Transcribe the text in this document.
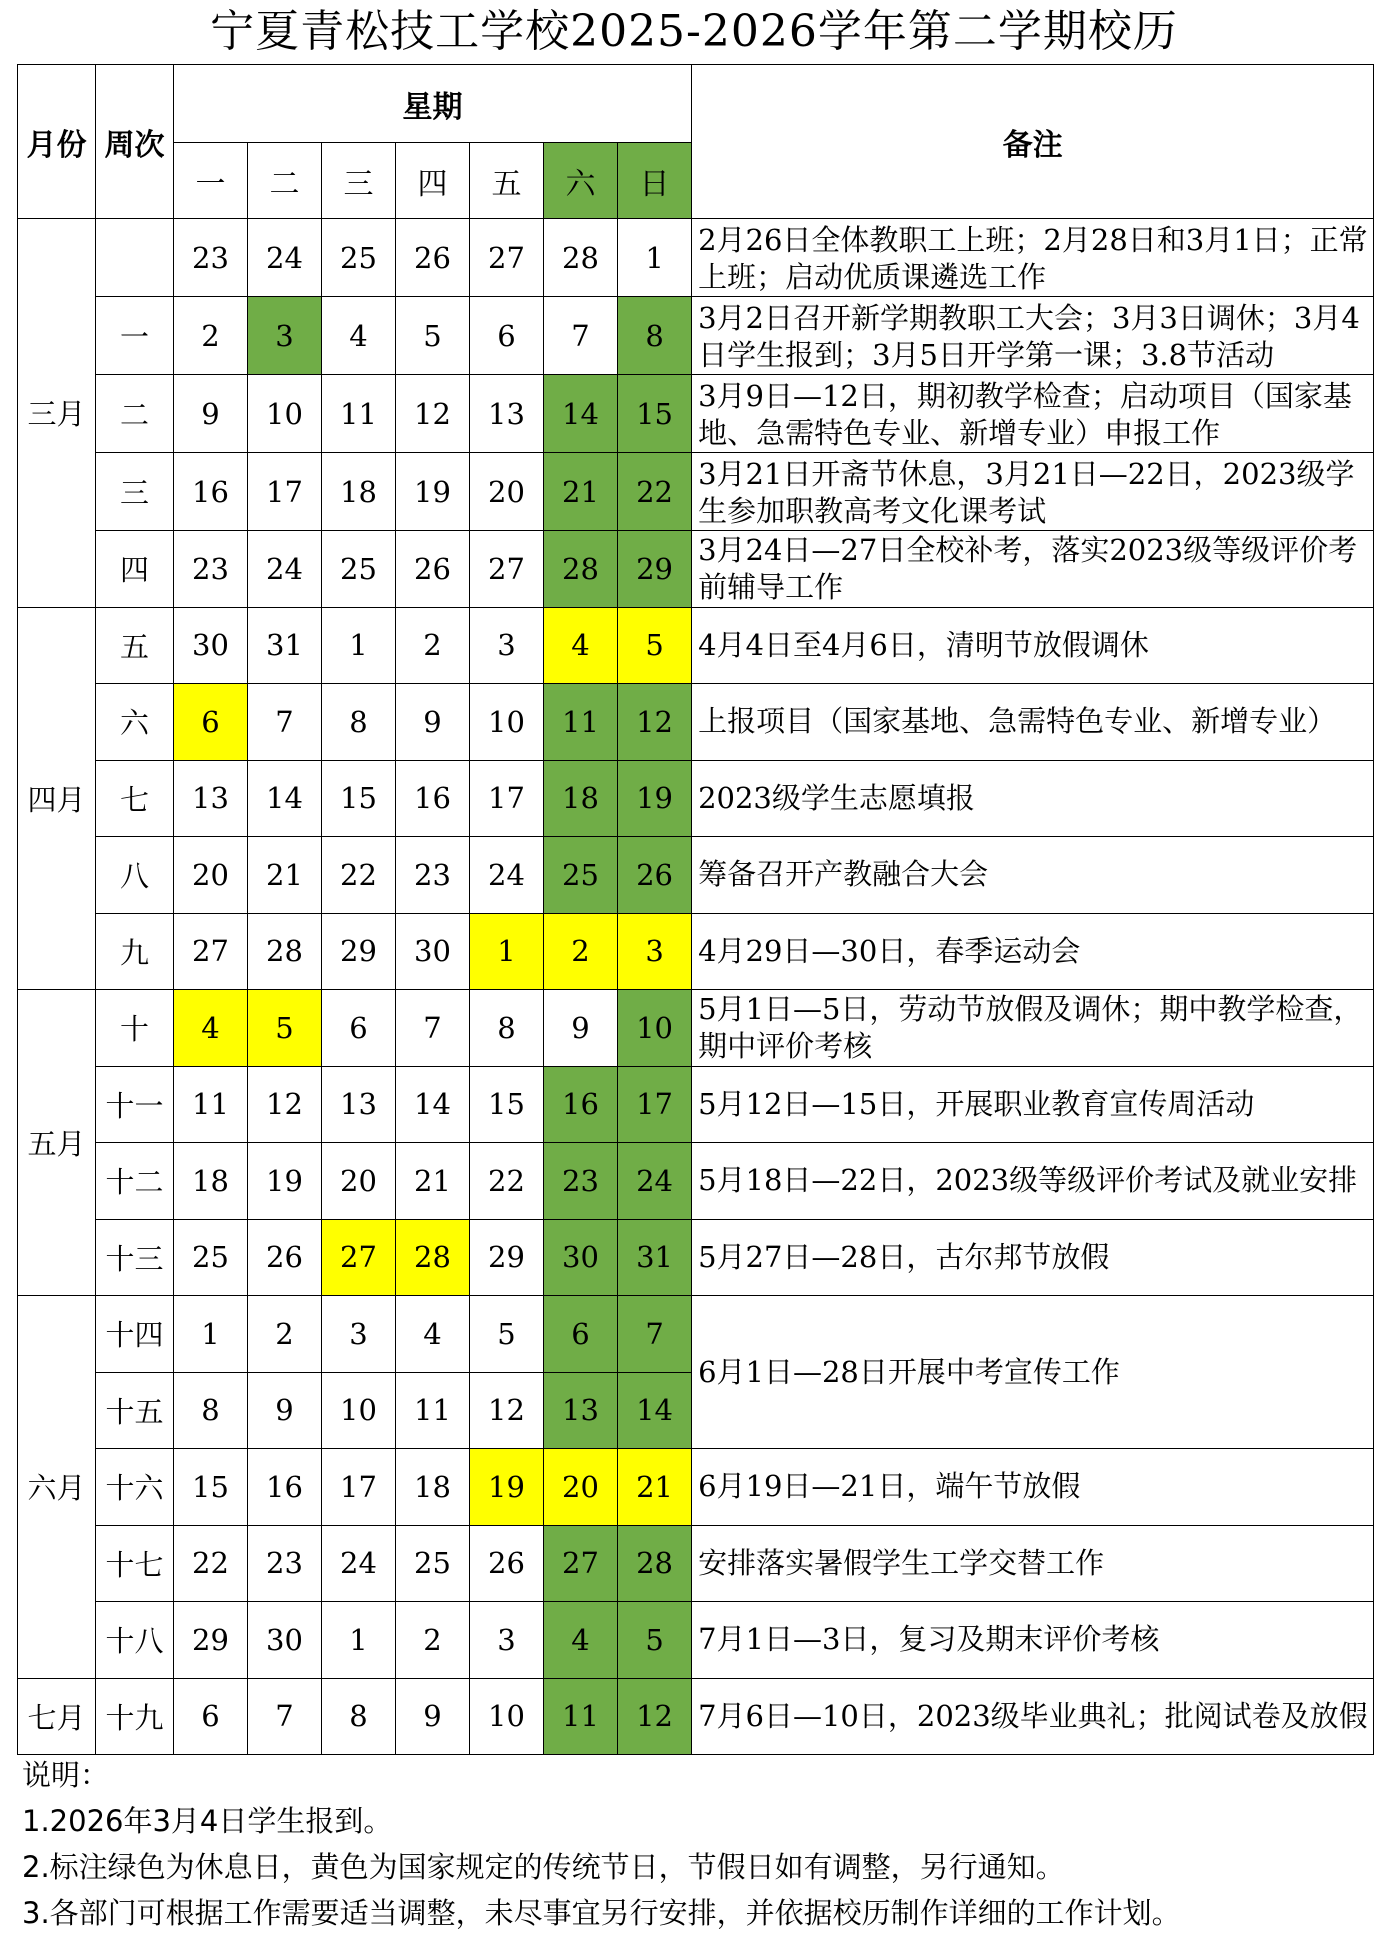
宁夏青松技工学校2025-2026学年第二学期校历
月份	周次	星期							备注
		一	二	三	四	五	六	日	
三月		23	24	25	26	27	28	1	2月26日全体教职工上班；2月28日和3月1日；正常上班；启动优质课遴选工作
	一	2	3	4	5	6	7	8	3月2日召开新学期教职工大会；3月3日调休；3月4日学生报到；3月5日开学第一课；3.8节活动
	二	9	10	11	12	13	14	15	3月9日—12日，期初教学检查；启动项目（国家基地、急需特色专业、新增专业）申报工作
	三	16	17	18	19	20	21	22	3月21日开斋节休息，3月21日—22日，2023级学生参加职教高考文化课考试
	四	23	24	25	26	27	28	29	3月24日—27日全校补考，落实2023级等级评价考前辅导工作
四月	五	30	31	1	2	3	4	5	4月4日至4月6日，清明节放假调休
	六	6	7	8	9	10	11	12	上报项目（国家基地、急需特色专业、新增专业）
	七	13	14	15	16	17	18	19	2023级学生志愿填报
	八	20	21	22	23	24	25	26	筹备召开产教融合大会
	九	27	28	29	30	1	2	3	4月29日—30日，春季运动会
五月	十	4	5	6	7	8	9	10	5月1日—5日，劳动节放假及调休；期中教学检查，期中评价考核
	十一	11	12	13	14	15	16	17	5月12日—15日，开展职业教育宣传周活动
	十二	18	19	20	21	22	23	24	5月18日—22日，2023级等级评价考试及就业安排
	十三	25	26	27	28	29	30	31	5月27日—28日，古尔邦节放假
六月	十四	1	2	3	4	5	6	7	6月1日—28日开展中考宣传工作
	十五	8	9	10	11	12	13	14	
	十六	15	16	17	18	19	20	21	6月19日—21日，端午节放假
	十七	22	23	24	25	26	27	28	安排落实暑假学生工学交替工作
	十八	29	30	1	2	3	4	5	7月1日—3日，复习及期末评价考核
七月	十九	6	7	8	9	10	11	12	7月6日—10日，2023级毕业典礼；批阅试卷及放假
说明：
1.2026年3月4日学生报到。
2.标注绿色为休息日，黄色为国家规定的传统节日，节假日如有调整，另行通知。
3.各部门可根据工作需要适当调整，未尽事宜另行安排，并依据校历制作详细的工作计划。
